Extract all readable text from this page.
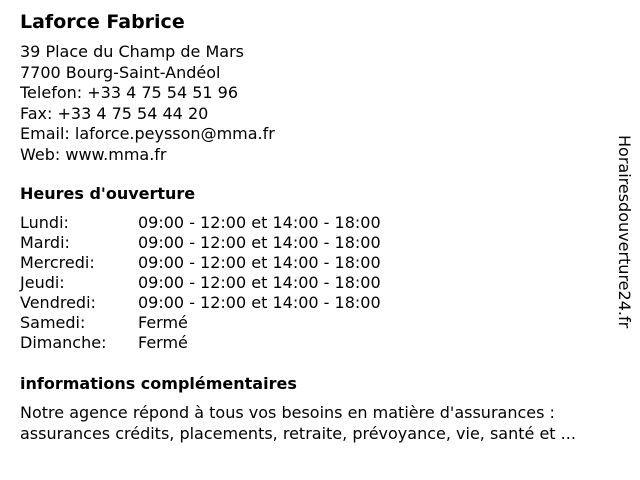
Laforce Fabrice
39 Place du Champ de Mars
7700 Bourg-Saint-Andéol
Telefon: +33 4 75 54 51 96
Fax: +33 4 75 54 44 20
Email: laforce.peysson@mma.fr
Web: www.mma.fr
Heures d'ouverture
Lundi:	09:00 - 12:00 et 14:00 - 18:00
Mardi:	09:00 - 12:00 et 14:00 - 18:00
Mercredi:	09:00 - 12:00 et 14:00 - 18:00
Jeudi:	09:00 - 12:00 et 14:00 - 18:00
Vendredi:	09:00 - 12:00 et 14:00 - 18:00
Samedi:	Fermé
Dimanche:	Fermé
informations complémentaires
Notre agence répond à tous vos besoins en matière d'assurances :
assurances crédits, placements, retraite, prévoyance, vie, santé et ...
Horairesdouverture24.fr
